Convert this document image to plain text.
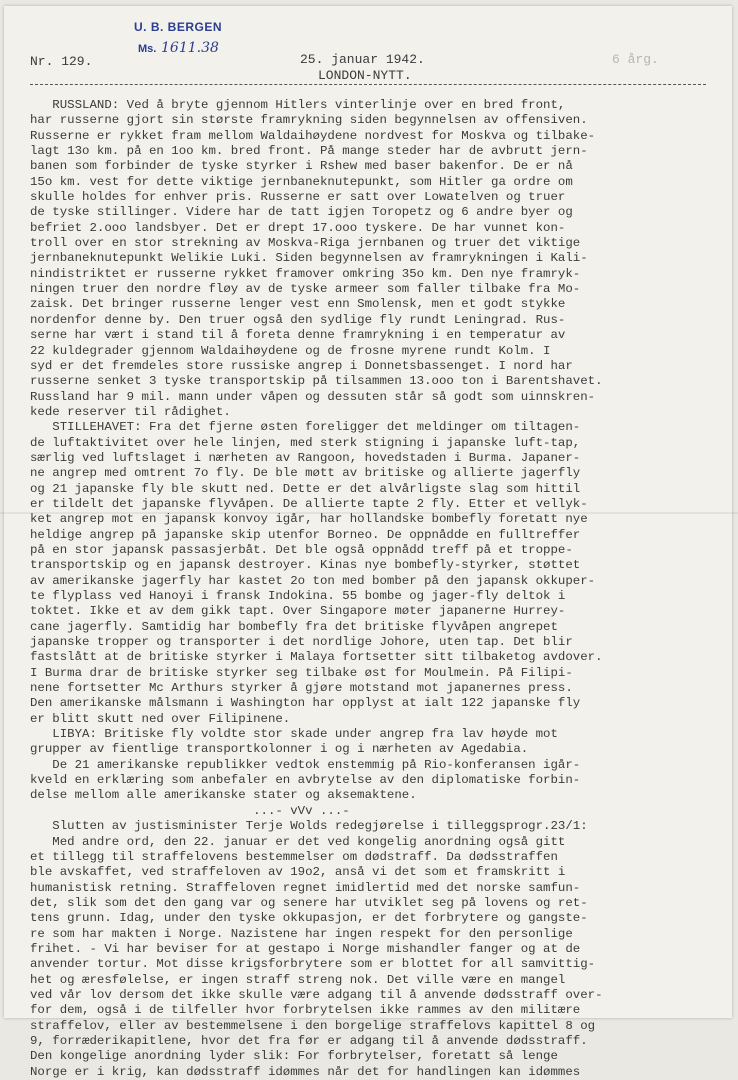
U. B. BERGEN
Ms. 1611.38
Nr. 129.	25. januar 1942.	6 årg.
LONDON-NYTT.
RUSSLAND: Ved å bryte gjennom Hitlers vinterlinje over en bred front,
har russerne gjort sin største framrykning siden begynnelsen av offensiven.
Russerne er rykket fram mellom Waldaihøydene nordvest for Moskva og tilbake-
lagt 13o km. på en 1oo km. bred front. På mange steder har de avbrutt jern-
banen som forbinder de tyske styrker i Rshew med baser bakenfor. De er nå
15o km. vest for dette viktige jernbaneknutepunkt, som Hitler ga ordre om
skulle holdes for enhver pris. Russerne er satt over Lowatelven og truer
de tyske stillinger. Videre har de tatt igjen Toropetz og 6 andre byer og
befriet 2.ooo landsbyer. Det er drept 17.ooo tyskere. De har vunnet kon-
troll over en stor strekning av Moskva-Riga jernbanen og truer det viktige
jernbaneknutepunkt Welikie Luki. Siden begynnelsen av framrykningen i Kali-
nindistriktet er russerne rykket framover omkring 35o km. Den nye framryk-
ningen truer den nordre fløy av de tyske armeer som faller tilbake fra Mo-
zaisk. Det bringer russerne lenger vest enn Smolensk, men et godt stykke
nordenfor denne by. Den truer også den sydlige fly rundt Leningrad. Rus-
serne har vært i stand til å foreta denne framrykning i en temperatur av
22 kuldegrader gjennom Waldaihøydene og de frosne myrene rundt Kolm. I
syd er det fremdeles store russiske angrep i Donnetsbassenget. I nord har
russerne senket 3 tyske transportskip på tilsammen 13.ooo ton i Barentshavet.
Russland har 9 mil. mann under våpen og dessuten står så godt som uinnskren-
kede reserver til rådighet.
STILLEHAVET: Fra det fjerne østen foreligger det meldinger om tiltagen-
de luftaktivitet over hele linjen, med sterk stigning i japanske luft-tap,
særlig ved luftslaget i nærheten av Rangoon, hovedstaden i Burma. Japaner-
ne angrep med omtrent 7o fly. De ble møtt av britiske og allierte jagerfly
og 21 japanske fly ble skutt ned. Dette er det alvårligste slag som hittil
er tildelt det japanske flyvåpen. De allierte tapte 2 fly. Etter et vellyk-
ket angrep mot en japansk konvoy igår, har hollandske bombefly foretatt nye
heldige angrep på japanske skip utenfor Borneo. De oppnådde en fulltreffer
på en stor japansk passasjerbåt. Det ble også oppnådd treff på et troppe-
transportskip og en japansk destroyer. Kinas nye bombefly-styrker, støttet
av amerikanske jagerfly har kastet 2o ton med bomber på den japansk okkuper-
te flyplass ved Hanoyi i fransk Indokina. 55 bombe og jager-fly deltok i
toktet. Ikke et av dem gikk tapt. Over Singapore møter japanerne Hurrey-
cane jagerfly. Samtidig har bombefly fra det britiske flyvåpen angrepet
japanske tropper og transporter i det nordlige Johore, uten tap. Det blir
fastslått at de britiske styrker i Malaya fortsetter sitt tilbaketog avdover.
I Burma drar de britiske styrker seg tilbake øst for Moulmein. På Filipi-
nene fortsetter Mc Arthurs styrker å gjøre motstand mot japanernes press.
Den amerikanske målsmann i Washington har opplyst at ialt 122 japanske fly
er blitt skutt ned over Filipinene.
LIBYA: Britiske fly voldte stor skade under angrep fra lav høyde mot
grupper av fientlige transportkolonner i og i nærheten av Agedabia.
De 21 amerikanske republikker vedtok enstemmig på Rio-konferansen igår-
kveld en erklæring som anbefaler en avbrytelse av den diplomatiske forbin-
delse mellom alle amerikanske stater og aksemaktene.
...- vVv ...-
Slutten av justisminister Terje Wolds redegjørelse i tilleggsprogr.23/1:
Med andre ord, den 22. januar er det ved kongelig anordning også gitt
et tillegg til straffelovens bestemmelser om dødstraff. Da dødsstraffen
ble avskaffet, ved straffeloven av 19o2, anså vi det som et framskritt i
humanistisk retning. Straffeloven regnet imidlertid med det norske samfun-
det, slik som det den gang var og senere har utviklet seg på lovens og ret-
tens grunn. Idag, under den tyske okkupasjon, er det forbrytere og gangste-
re som har makten i Norge. Nazistene har ingen respekt for den personlige
frihet. - Vi har beviser for at gestapo i Norge mishandler fanger og at de
anvender tortur. Mot disse krigsforbrytere som er blottet for all samvittig-
het og æresfølelse, er ingen straff streng nok. Det ville være en mangel
ved vår lov dersom det ikke skulle være adgang til å anvende dødsstraff over-
for dem, også i de tilfeller hvor forbrytelsen ikke rammes av den militære
straffelov, eller av bestemmelsene i den borgelige straffelovs kapittel 8 og
9, forræderikapitlene, hvor det fra før er adgang til å anvende dødsstraff.
Den kongelige anordning lyder slik: For forbrytelser, foretatt så lenge
Norge er i krig, kan dødsstraff idømmes når det for handlingen kan idømmes
